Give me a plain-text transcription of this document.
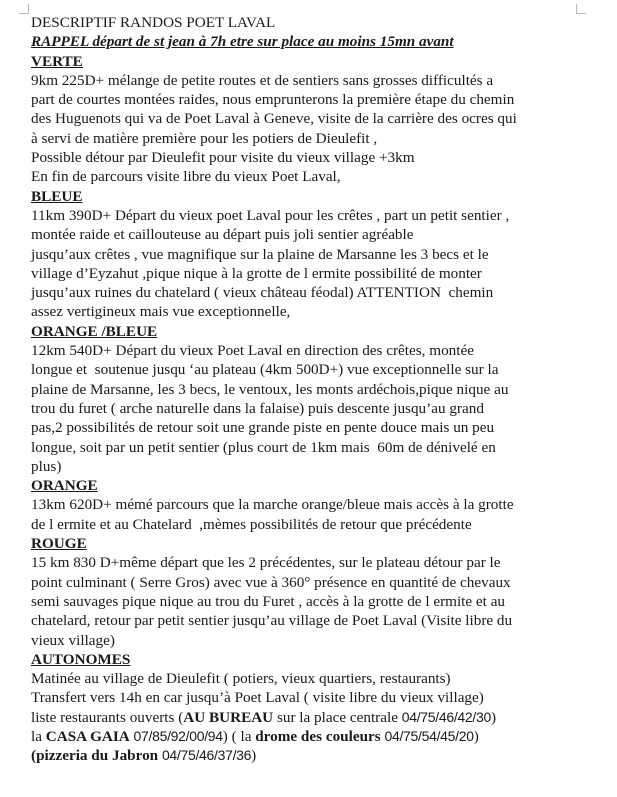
DESCRIPTIF RANDOS POET LAVAL
RAPPEL départ de st jean à 7h etre sur place au moins 15mn avant
VERTE
9km 225D+ mélange de petite routes et de sentiers sans grosses difficultés a
part de courtes montées raides, nous emprunterons la première étape du chemin
des Huguenots qui va de Poet Laval à Geneve, visite de la carrière des ocres qui
à servi de matière première pour les potiers de Dieulefit ,
Possible détour par Dieulefit pour visite du vieux village +3km
En fin de parcours visite libre du vieux Poet Laval,
BLEUE
11km 390D+ Départ du vieux poet Laval pour les crêtes , part un petit sentier ,
montée raide et caillouteuse au départ puis joli sentier agréable
jusqu’aux crêtes , vue magnifique sur la plaine de Marsanne les 3 becs et le
village d’Eyzahut ,pique nique à la grotte de l ermite possibilité de monter
jusqu’aux ruines du chatelard ( vieux château féodal) ATTENTION  chemin
assez vertigineux mais vue exceptionnelle,
ORANGE /BLEUE
12km 540D+ Départ du vieux Poet Laval en direction des crêtes, montée
longue et  soutenue jusqu ‘au plateau (4km 500D+) vue exceptionnelle sur la
plaine de Marsanne, les 3 becs, le ventoux, les monts ardéchois,pique nique au
trou du furet ( arche naturelle dans la falaise) puis descente jusqu’au grand
pas,2 possibilités de retour soit une grande piste en pente douce mais un peu
longue, soit par un petit sentier (plus court de 1km mais  60m de dénivelé en
plus)
ORANGE
13km 620D+ mémé parcours que la marche orange/bleue mais accès à la grotte
de l ermite et au Chatelard  ,mèmes possibilités de retour que précédente
ROUGE
15 km 830 D+même départ que les 2 précédentes, sur le plateau détour par le
point culminant ( Serre Gros) avec vue à 360° présence en quantité de chevaux
semi sauvages pique nique au trou du Furet , accès à la grotte de l ermite et au
chatelard, retour par petit sentier jusqu’au village de Poet Laval (Visite libre du
vieux village)
AUTONOMES
Matinée au village de Dieulefit ( potiers, vieux quartiers, restaurants)
Transfert vers 14h en car jusqu’à Poet Laval ( visite libre du vieux village)
liste restaurants ouverts (AU BUREAU sur la place centrale 04/75/46/42/30)
la CASA GAIA 07/85/92/00/94) ( la drome des couleurs 04/75/54/45/20)
(pizzeria du Jabron 04/75/46/37/36)
